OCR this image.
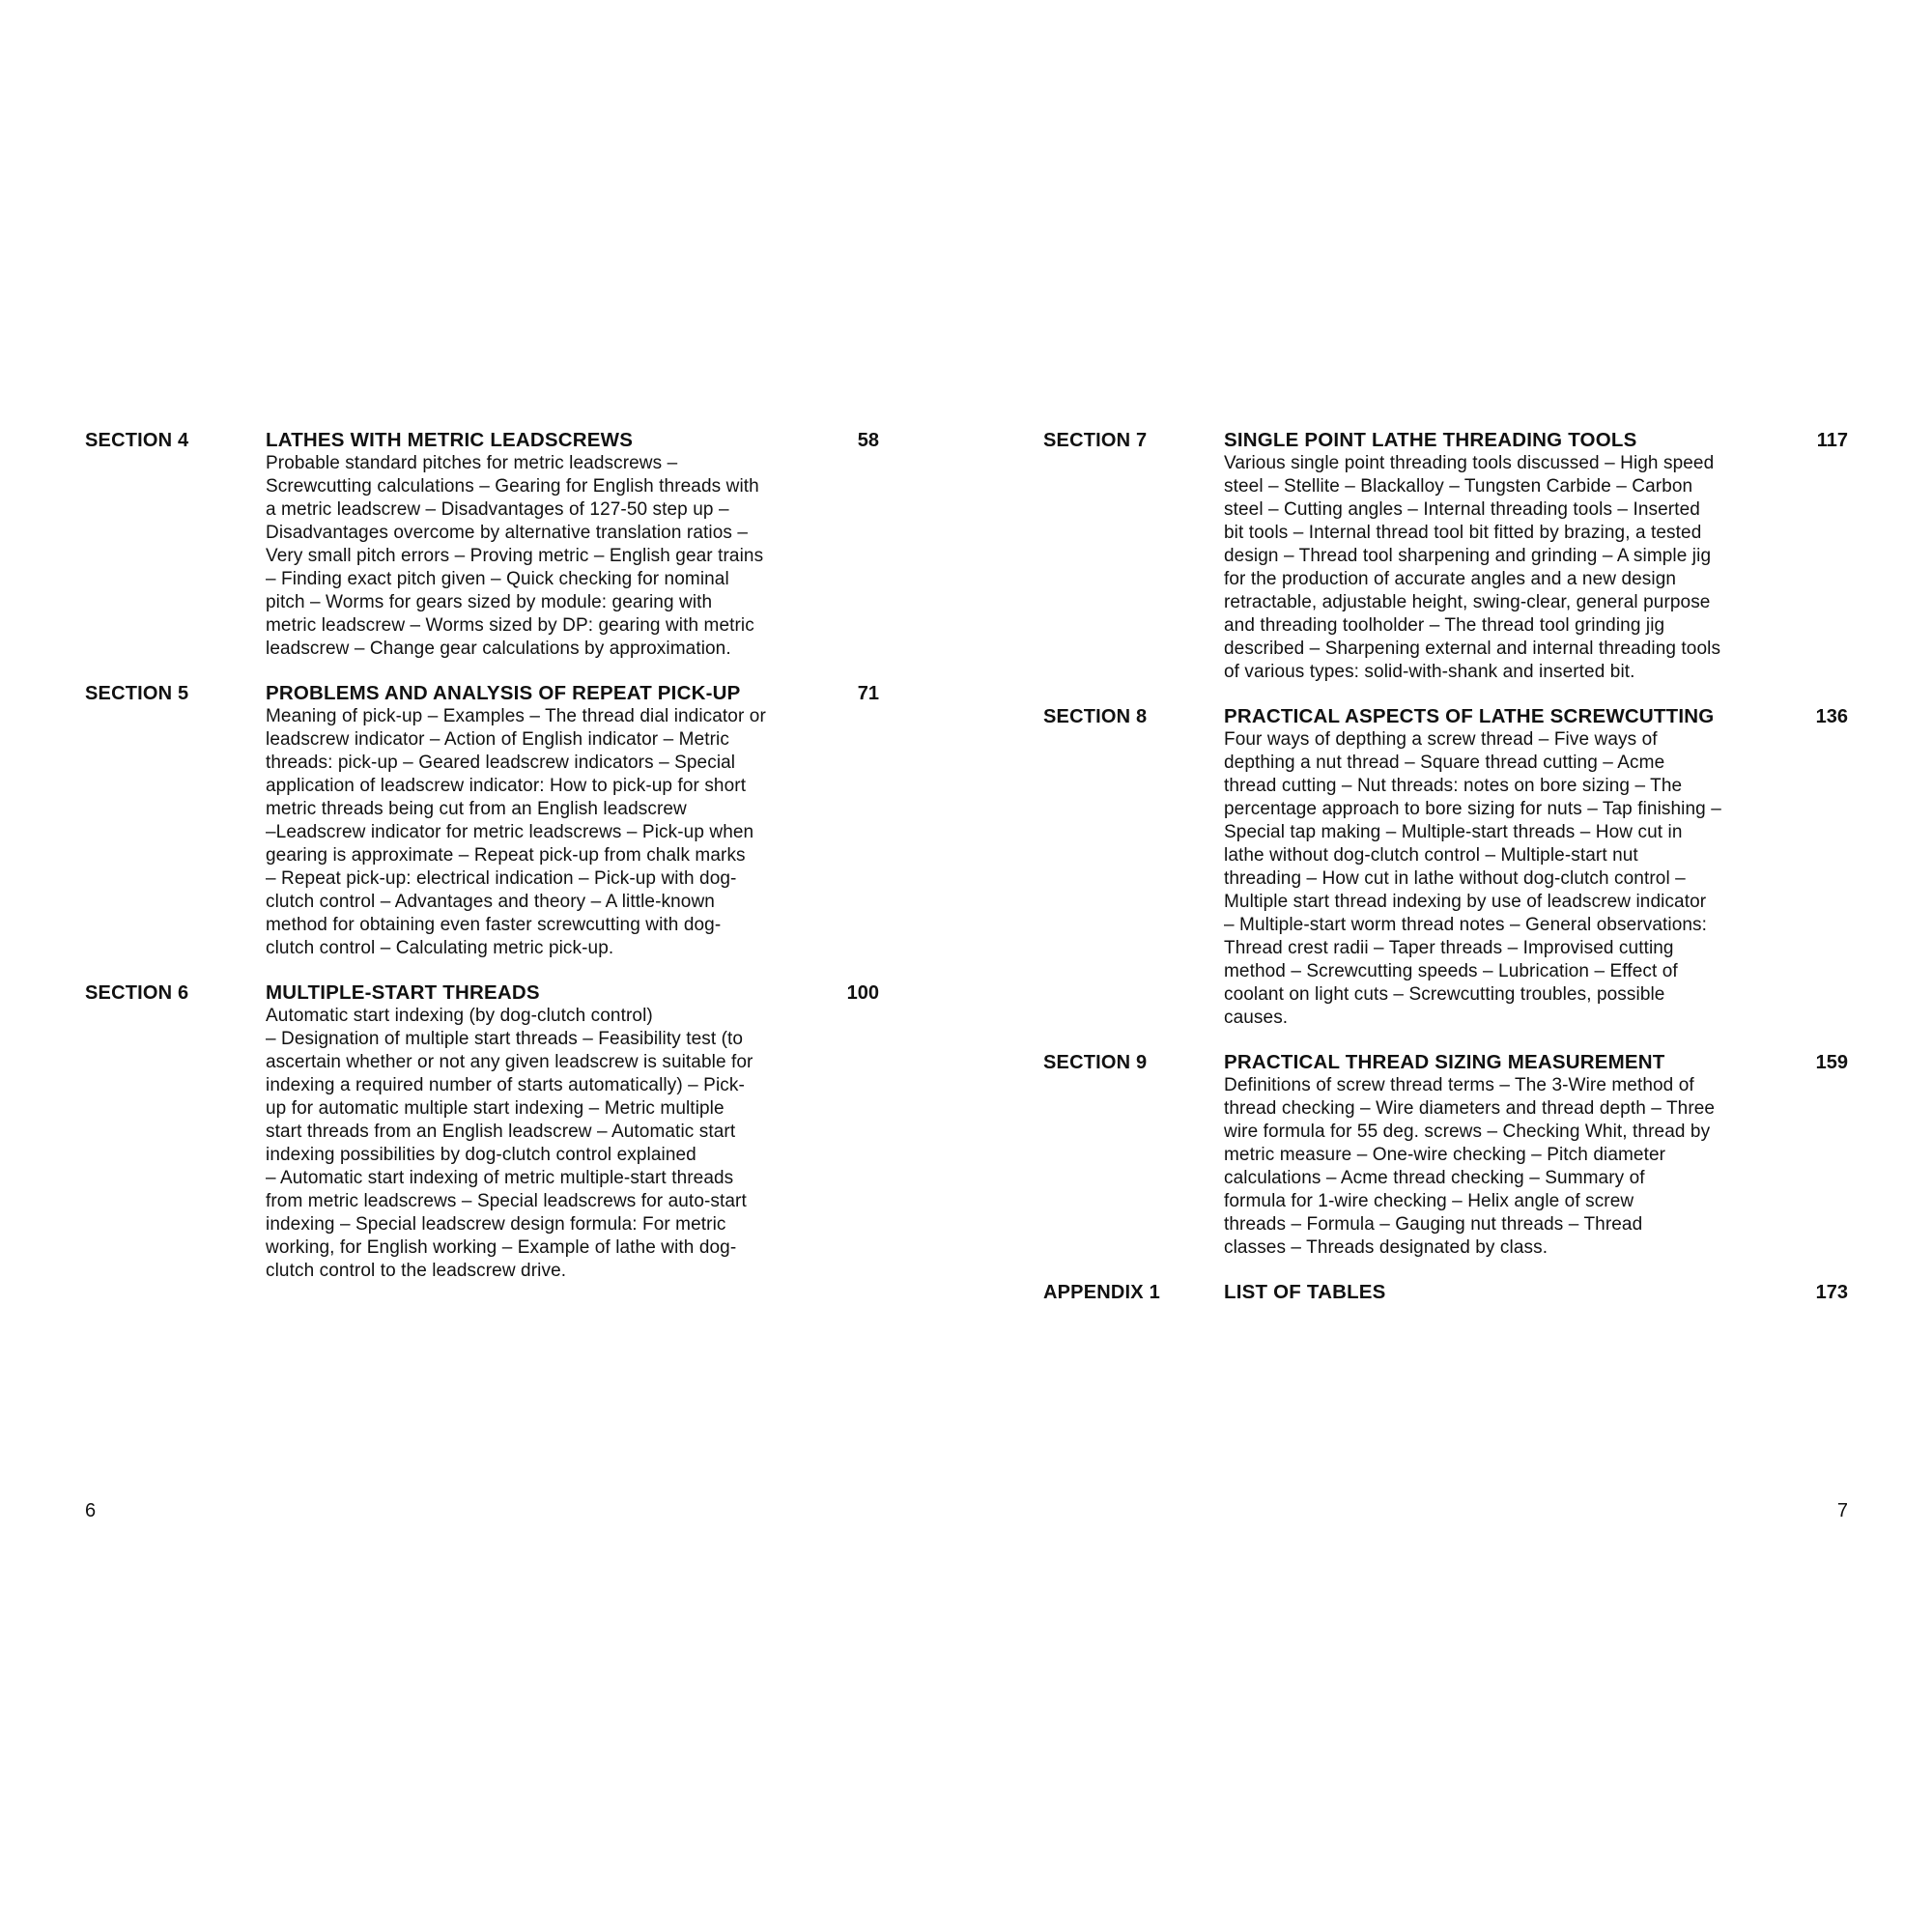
SECTION 4	LATHES WITH METRIC LEADSCREWS
Probable standard pitches for metric leadscrews –
Screwcutting calculations – Gearing for English threads with
a metric leadscrew – Disadvantages of 127-50 step up –
Disadvantages overcome by alternative translation ratios –
Very small pitch errors – Proving metric – English gear trains
– Finding exact pitch given – Quick checking for nominal
pitch – Worms for gears sized by module: gearing with
metric leadscrew – Worms sized by DP: gearing with metric
leadscrew – Change gear calculations by approximation.
58
SECTION 5	PROBLEMS AND ANALYSIS OF REPEAT PICK-UP
Meaning of pick-up – Examples – The thread dial indicator or
leadscrew indicator – Action of English indicator – Metric
threads: pick-up – Geared leadscrew indicators – Special
application of leadscrew indicator: How to pick-up for short
metric threads being cut from an English leadscrew
–Leadscrew indicator for metric leadscrews – Pick-up when
gearing is approximate – Repeat pick-up from chalk marks
– Repeat pick-up: electrical indication – Pick-up with dog-
clutch control – Advantages and theory – A little-known
method for obtaining even faster screwcutting with dog-
clutch control – Calculating metric pick-up.
71
SECTION 6	MULTIPLE-START THREADS
Automatic start indexing (by dog-clutch control)
– Designation of multiple start threads – Feasibility test (to
ascertain whether or not any given leadscrew is suitable for
indexing a required number of starts automatically) – Pick-
up for automatic multiple start indexing – Metric multiple
start threads from an English leadscrew – Automatic start
indexing possibilities by dog-clutch control explained
– Automatic start indexing of metric multiple-start threads
from metric leadscrews – Special leadscrews for auto-start
indexing – Special leadscrew design formula: For metric
working, for English working – Example of lathe with dog-
clutch control to the leadscrew drive.
100
SECTION 7	SINGLE POINT LATHE THREADING TOOLS
Various single point threading tools discussed – High speed
steel – Stellite – Blackalloy – Tungsten Carbide – Carbon
steel – Cutting angles – Internal threading tools – Inserted
bit tools – Internal thread tool bit fitted by brazing, a tested
design – Thread tool sharpening and grinding – A simple jig
for the production of accurate angles and a new design
retractable, adjustable height, swing-clear, general purpose
and threading toolholder – The thread tool grinding jig
described – Sharpening external and internal threading tools
of various types: solid-with-shank and inserted bit.
117
SECTION 8	PRACTICAL ASPECTS OF LATHE SCREWCUTTING
Four ways of depthing a screw thread – Five ways of
depthing a nut thread – Square thread cutting – Acme
thread cutting – Nut threads: notes on bore sizing – The
percentage approach to bore sizing for nuts – Tap finishing –
Special tap making – Multiple-start threads – How cut in
lathe without dog-clutch control – Multiple-start nut
threading – How cut in lathe without dog-clutch control –
Multiple start thread indexing by use of leadscrew indicator
– Multiple-start worm thread notes – General observations:
Thread crest radii – Taper threads – Improvised cutting
method – Screwcutting speeds – Lubrication – Effect of
coolant on light cuts – Screwcutting troubles, possible
causes.
136
SECTION 9	PRACTICAL THREAD SIZING MEASUREMENT
Definitions of screw thread terms – The 3-Wire method of
thread checking – Wire diameters and thread depth – Three
wire formula for 55 deg. screws – Checking Whit, thread by
metric measure – One-wire checking – Pitch diameter
calculations – Acme thread checking – Summary of
formula for 1-wire checking – Helix angle of screw
threads – Formula – Gauging nut threads – Thread
classes – Threads designated by class.
159
APPENDIX 1	LIST OF TABLES	173
6	7
